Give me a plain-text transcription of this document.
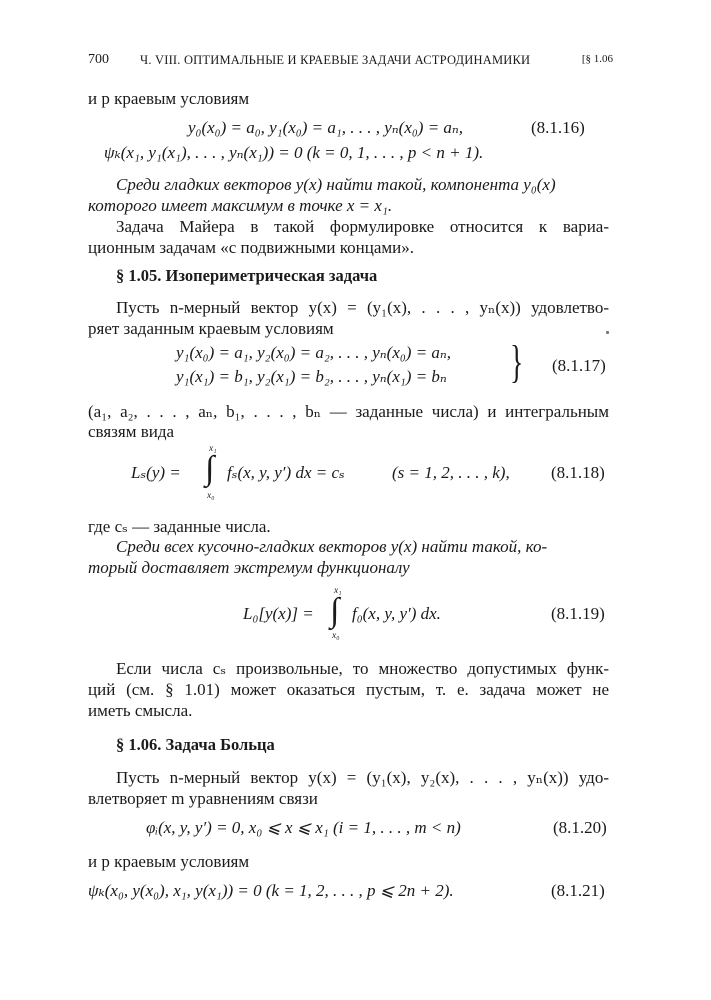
700 Ч. VIII. ОПТИМАЛЬНЫЕ И КРАЕВЫЕ ЗАДАЧИ АСТРОДИНАМИКИ	[§ 1.06
и p краевым условиям
y₀(x₀) = a₀, y₁(x₀) = a₁, . . . , yₙ(x₀) = aₙ,	(8.1.16)
ψₖ(x₁, y₁(x₁), . . . , yₙ(x₁)) = 0 (k = 0, 1, . . . , p < n + 1).
Среди гладких векторов y(x) найти такой, компонента y₀(x)
которого имеет максимум в точке x = x₁.
Задача Майера в такой формулировке относится к вариа-
ционным задачам «с подвижными концами».
§ 1.05. Изопериметрическая задача
Пусть n-мерный вектор y(x) = (y₁(x), . . . , yₙ(x)) удовлетво-
ряет заданным краевым условиям
y₁(x₀) = a₁, y₂(x₀) = a₂, . . . , yₙ(x₀) = aₙ,
y₁(x₁) = b₁, y₂(x₁) = b₂, . . . , yₙ(x₁) = bₙ } (8.1.17)
(a₁, a₂, . . . , aₙ, b₁, . . . , bₙ — заданные числа) и интегральным
связям вида
Lₛ(y) =
x₁
∫
x₀
fₛ(x, y, y′) dx = cₛ	(s = 1, 2, . . . , k), (8.1.18)
где cₛ — заданные числа.
Среди всех кусочно-гладких векторов y(x) найти такой, ко-
торый доставляет экстремум функционалу
L₀[y(x)] =
x₁
∫
x₀
f₀(x, y, y′) dx.	(8.1.19)
Если числа cₛ произвольные, то множество допустимых функ-
ций (см. § 1.01) может оказаться пустым, т. е. задача может не
иметь смысла.
§ 1.06. Задача Больца
Пусть n-мерный вектор y(x) = (y₁(x), y₂(x), . . . , yₙ(x)) удо-
влетворяет m уравнениям связи
φᵢ(x, y, y′) = 0, x₀ ⩽ x ⩽ x₁ (i = 1, . . . , m < n)	(8.1.20)
и p краевым условиям
ψₖ(x₀, y(x₀), x₁, y(x₁)) = 0 (k = 1, 2, . . . , p ⩽ 2n + 2).	(8.1.21)
